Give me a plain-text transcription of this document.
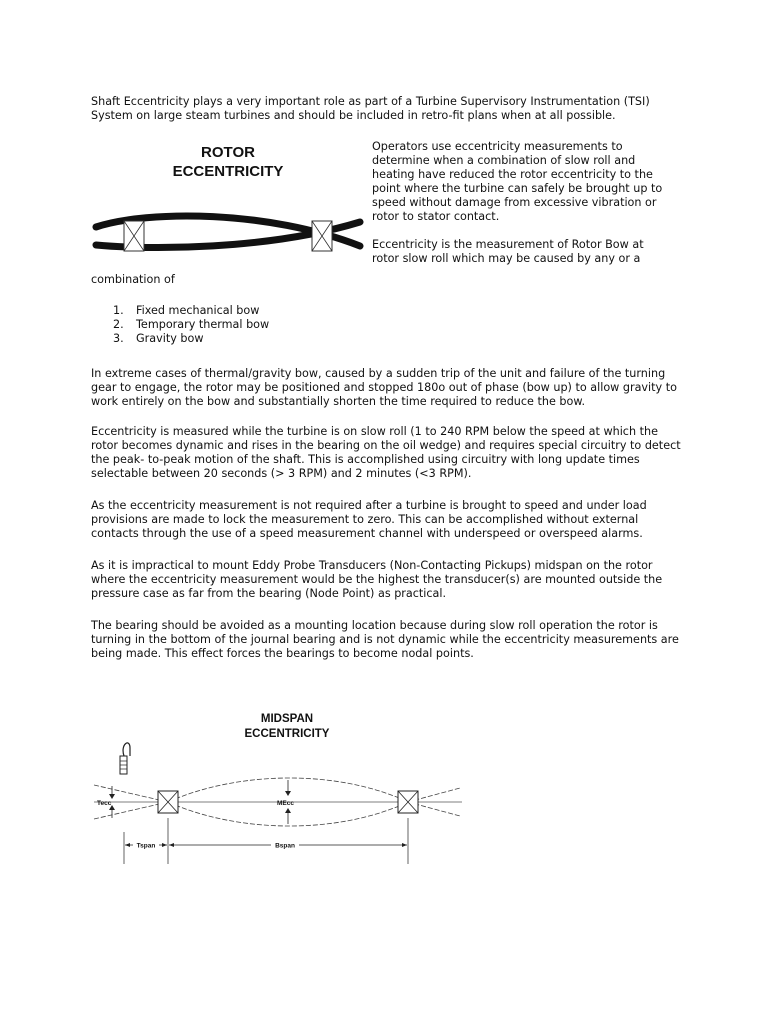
Shaft Eccentricity plays a very important role as part of a Turbine Supervisory Instrumentation (TSI) System on large steam turbines and should be included in retro-fit plans when at all possible.

ROTOR
ECCENTRICITY

Operators use eccentricity measurements to determine when a combination of slow roll and heating have reduced the rotor eccentricity to the point where the turbine can safely be brought up to speed without damage from excessive vibration or rotor to stator contact.

Eccentricity is the measurement of Rotor Bow at rotor slow roll which may be caused by any or a

combination of

1. Fixed mechanical bow
2. Temporary thermal bow
3. Gravity bow

In extreme cases of thermal/gravity bow, caused by a sudden trip of the unit and failure of the turning gear to engage, the rotor may be positioned and stopped 180o out of phase (bow up) to allow gravity to work entirely on the bow and substantially shorten the time required to reduce the bow.

Eccentricity is measured while the turbine is on slow roll (1 to 240 RPM below the speed at which the rotor becomes dynamic and rises in the bearing on the oil wedge) and requires special circuitry to detect the peak- to-peak motion of the shaft. This is accomplished using circuitry with long update times selectable between 20 seconds (> 3 RPM) and 2 minutes (<3 RPM).

As the eccentricity measurement is not required after a turbine is brought to speed and under load provisions are made to lock the measurement to zero. This can be accomplished without external contacts through the use of a speed measurement channel with underspeed or overspeed alarms.

As it is impractical to mount Eddy Probe Transducers (Non-Contacting Pickups) midspan on the rotor where the eccentricity measurement would be the highest the transducer(s) are mounted outside the pressure case as far from the bearing (Node Point) as practical.

The bearing should be avoided as a mounting location because during slow roll operation the rotor is turning in the bottom of the journal bearing and is not dynamic while the eccentricity measurements are being made. This effect forces the bearings to become nodal points.

MIDSPAN
ECCENTRICITY
Tecc	MEcc
Tspan	Bspan
